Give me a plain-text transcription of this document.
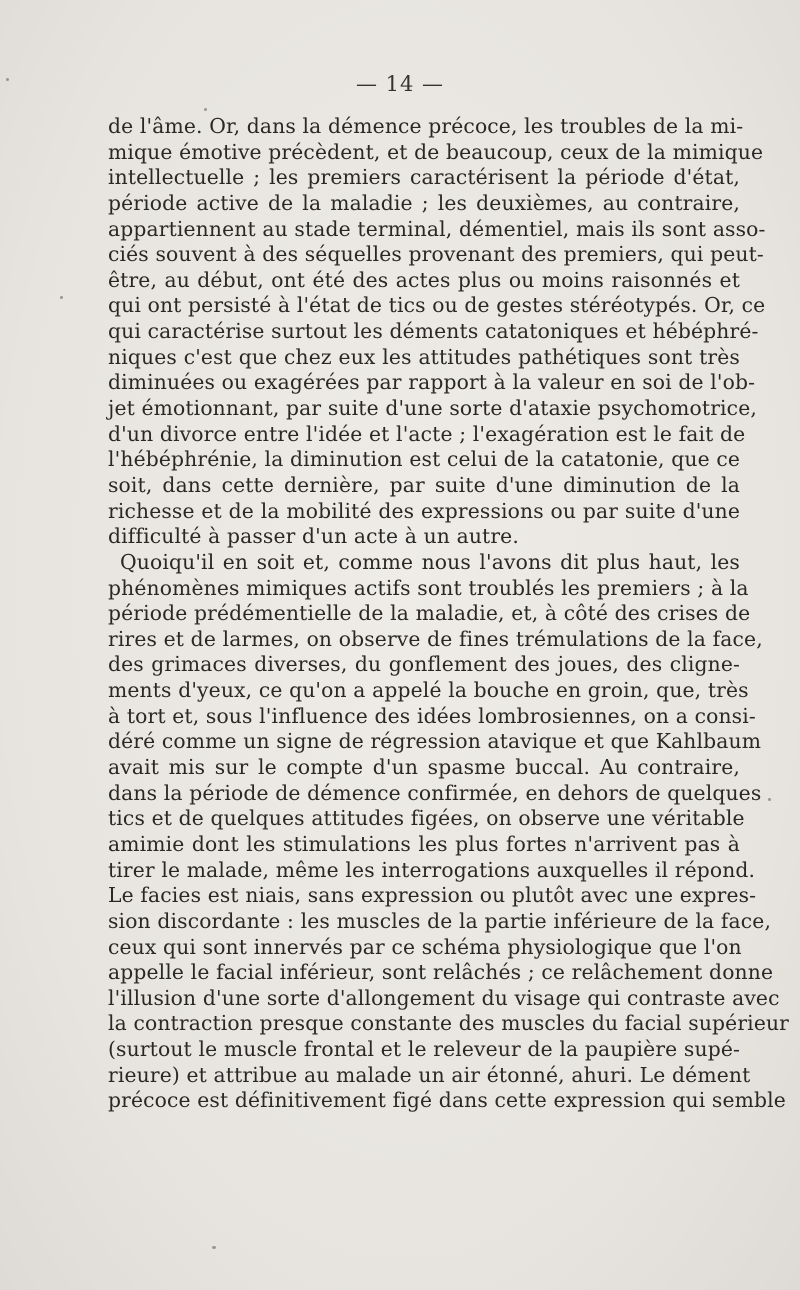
— 14 —
de l'âme. Or, dans la démence précoce, les troubles de la mi-
mique émotive précèdent, et de beaucoup, ceux de la mimique
intellectuelle ; les premiers caractérisent la période d'état,
période active de la maladie ; les deuxièmes, au contraire,
appartiennent au stade terminal, démentiel, mais ils sont asso-
ciés souvent à des séquelles provenant des premiers, qui peut-
être, au début, ont été des actes plus ou moins raisonnés et
qui ont persisté à l'état de tics ou de gestes stéréotypés. Or, ce
qui caractérise surtout les déments catatoniques et hébéphré-
niques c'est que chez eux les attitudes pathétiques sont très
diminuées ou exagérées par rapport à la valeur en soi de l'ob-
jet émotionnant, par suite d'une sorte d'ataxie psychomotrice,
d'un divorce entre l'idée et l'acte ; l'exagération est le fait de
l'hébéphrénie, la diminution est celui de la catatonie, que ce
soit, dans cette dernière, par suite d'une diminution de la
richesse et de la mobilité des expressions ou par suite d'une
difficulté à passer d'un acte à un autre.
Quoiqu'il en soit et, comme nous l'avons dit plus haut, les
phénomènes mimiques actifs sont troublés les premiers ; à la
période prédémentielle de la maladie, et, à côté des crises de
rires et de larmes, on observe de fines trémulations de la face,
des grimaces diverses, du gonflement des joues, des cligne-
ments d'yeux, ce qu'on a appelé la bouche en groin, que, très
à tort et, sous l'influence des idées lombrosiennes, on a consi-
déré comme un signe de régression atavique et que Kahlbaum
avait mis sur le compte d'un spasme buccal. Au contraire,
dans la période de démence confirmée, en dehors de quelques
tics et de quelques attitudes figées, on observe une véritable
amimie dont les stimulations les plus fortes n'arrivent pas à
tirer le malade, même les interrogations auxquelles il répond.
Le facies est niais, sans expression ou plutôt avec une expres-
sion discordante : les muscles de la partie inférieure de la face,
ceux qui sont innervés par ce schéma physiologique que l'on
appelle le facial inférieur, sont relâchés ; ce relâchement donne
l'illusion d'une sorte d'allongement du visage qui contraste avec
la contraction presque constante des muscles du facial supérieur
(surtout le muscle frontal et le releveur de la paupière supé-
rieure) et attribue au malade un air étonné, ahuri. Le dément
précoce est définitivement figé dans cette expression qui semble
